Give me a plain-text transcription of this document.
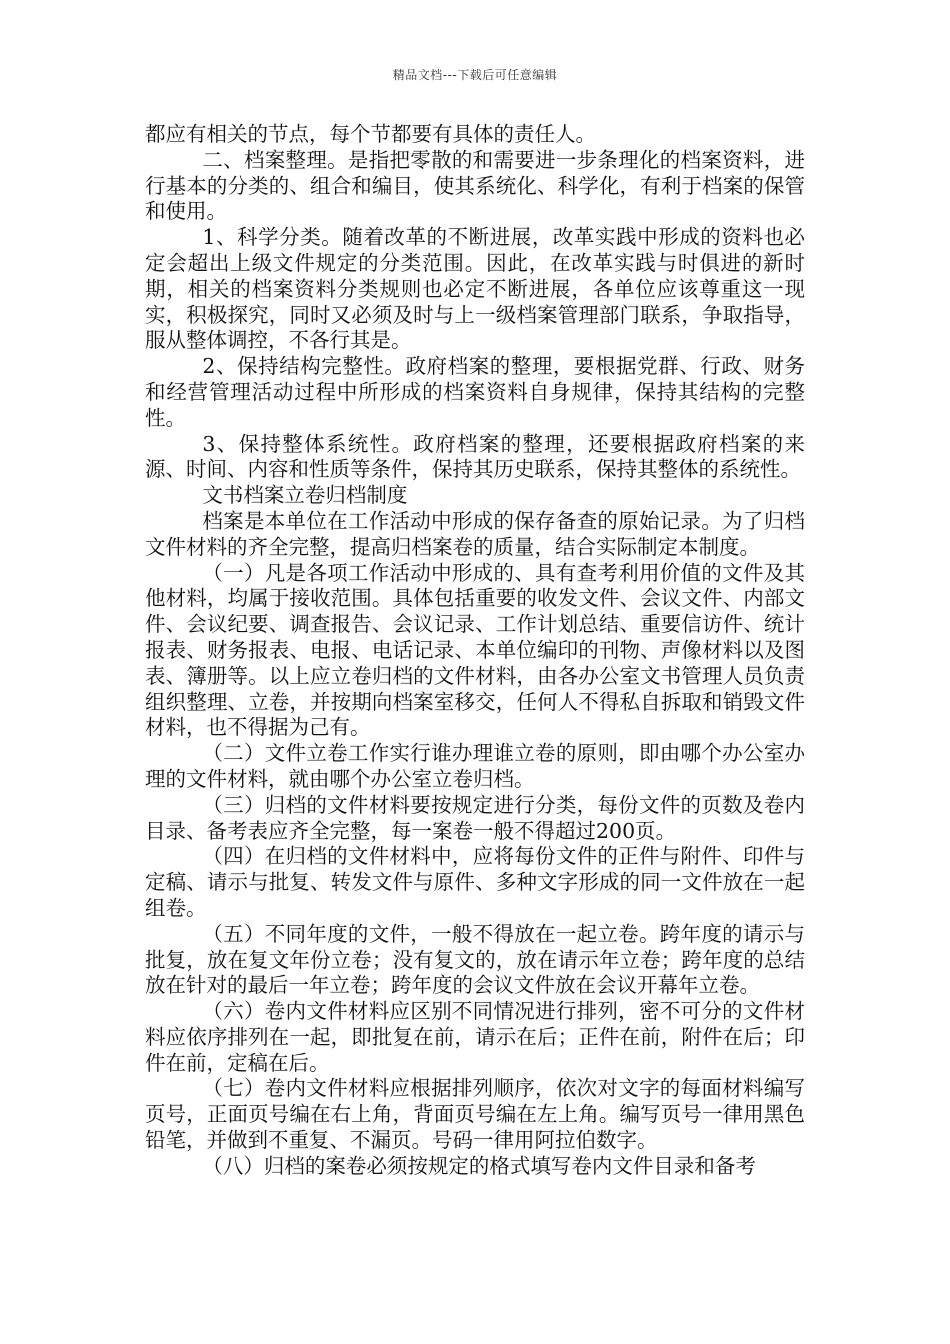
精品文档---下载后可任意编辑

都应有相关的节点，每个节都要有具体的责任人。

二、档案整理。是指把零散的和需要进一步条理化的档案资料，进行基本的分类的、组合和编目，使其系统化、科学化，有利于档案的保管和使用。

1、科学分类。随着改革的不断进展，改革实践中形成的资料也必定会超出上级文件规定的分类范围。因此，在改革实践与时俱进的新时期，相关的档案资料分类规则也必定不断进展，各单位应该尊重这一现实，积极探究，同时又必须及时与上一级档案管理部门联系，争取指导，服从整体调控，不各行其是。

2、保持结构完整性。政府档案的整理，要根据党群、行政、财务和经营管理活动过程中所形成的档案资料自身规律，保持其结构的完整性。

3、保持整体系统性。政府档案的整理，还要根据政府档案的来源、时间、内容和性质等条件，保持其历史联系，保持其整体的系统性。

文书档案立卷归档制度

档案是本单位在工作活动中形成的保存备查的原始记录。为了归档文件材料的齐全完整，提高归档案卷的质量，结合实际制定本制度。

（一）凡是各项工作活动中形成的、具有查考利用价值的文件及其他材料，均属于接收范围。具体包括重要的收发文件、会议文件、内部文件、会议纪要、调查报告、会议记录、工作计划总结、重要信访件、统计报表、财务报表、电报、电话记录、本单位编印的刊物、声像材料以及图表、簿册等。以上应立卷归档的文件材料，由各办公室文书管理人员负责组织整理、立卷，并按期向档案室移交，任何人不得私自拆取和销毁文件材料，也不得据为己有。

（二）文件立卷工作实行谁办理谁立卷的原则，即由哪个办公室办理的文件材料，就由哪个办公室立卷归档。

（三）归档的文件材料要按规定进行分类，每份文件的页数及卷内目录、备考表应齐全完整，每一案卷一般不得超过200页。

（四）在归档的文件材料中，应将每份文件的正件与附件、印件与定稿、请示与批复、转发文件与原件、多种文字形成的同一文件放在一起组卷。

（五）不同年度的文件，一般不得放在一起立卷。跨年度的请示与批复，放在复文年份立卷；没有复文的，放在请示年立卷；跨年度的总结放在针对的最后一年立卷；跨年度的会议文件放在会议开幕年立卷。

（六）卷内文件材料应区别不同情况进行排列，密不可分的文件材料应依序排列在一起，即批复在前，请示在后；正件在前，附件在后；印件在前，定稿在后。

（七）卷内文件材料应根据排列顺序，依次对文字的每面材料编写页号，正面页号编在右上角，背面页号编在左上角。编写页号一律用黑色铅笔，并做到不重复、不漏页。号码一律用阿拉伯数字。

（八）归档的案卷必须按规定的格式填写卷内文件目录和备考
